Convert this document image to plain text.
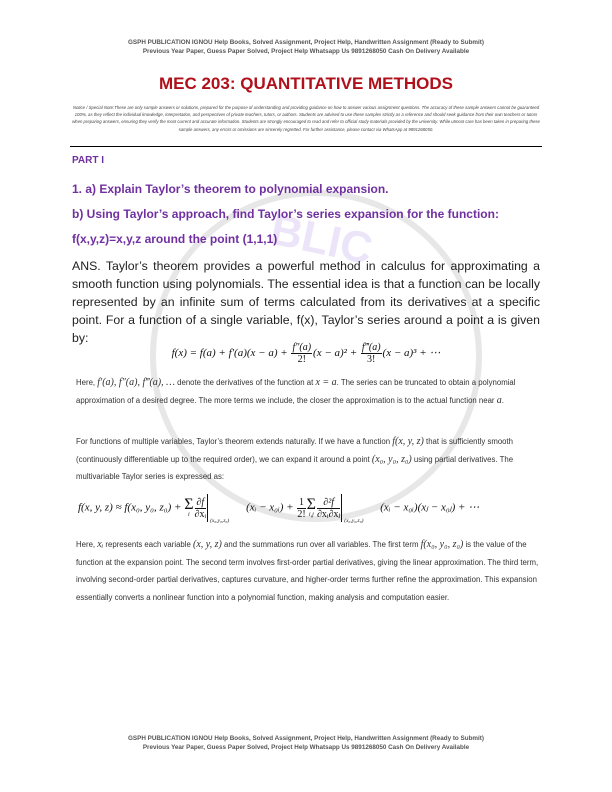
BLIC
GSPH PUBLICATION IGNOU Help Books, Solved Assignment, Project Help, Handwritten Assignment (Ready to Submit)
Previous Year Paper, Guess Paper Solved, Project Help Whatsapp Us 9891268050 Cash On Delivery Available
MEC 203: QUANTITATIVE METHODS
Notice / Special Note:These are only sample answers or solutions, prepared for the purpose of understanding and providing guidance on how to answer various assignment questions. The accuracy of these sample answers cannot be guaranteed 100%, as they reflect the individual knowledge, interpretation, and perspectives of private teachers, tutors, or authors. Students are advised to use these samples strictly as a reference and should seek guidance from their own teachers or tutors when preparing answers, ensuring they verify the most current and accurate information. Students are strongly encouraged to read and refer to official study materials provided by the university. While utmost care has been taken in preparing these sample answers, any errors or omissions are sincerely regretted. For further assistance, please contact via WhatsApp at 9891268050.
PART I
1. a) Explain Taylor’s theorem to polynomial expansion.
b) Using Taylor’s approach, find Taylor’s series expansion for the function:
f(x,y,z)=x,y,z around the point (1,1,1)
ANS. Taylor’s theorem provides a powerful method in calculus for approximating a smooth function using polynomials. The essential idea is that a function can be locally represented by an infinite sum of terms calculated from its derivatives at a specific point. For a function of a single variable, f(x), Taylor’s series around a point a is given by:
$f(x) = f(a) + f'(a)(x - a) + \frac{f''(a)}{2!} (x - a)^2 + \frac{f‴(a)}{3!} (x - a)^3$ + ⋯
Here, f′(a), f″(a), f‴(a), … denote the derivatives of the function at x = a. The series can be truncated to obtain a polynomial approximation of a desired degree. The more terms we include, the closer the approximation is to the actual function near a.
For functions of multiple variables, Taylor’s theorem extends naturally. If we have a function f(x, y, z) that is sufficiently smooth (continuously differentiable up to the required order), we can expand it around a point (x₀, y₀, z₀) using partial derivatives. The multivariable Taylor series is expressed as:
f(x, y, z) ≈ f(x₀, y₀, z₀) + Σ
i $\frac{\partial f}{\text{∂xᵢ}}$
(x₀,y₀,z₀)
(xᵢ − x₀ᵢ) + $\frac{1}{2!}$ Σ
$i,j \frac{\text{∂²f}}{\text{∂xᵢ∂xⱼ}}$
(x₀,y₀,z₀)
(xᵢ − x₀ᵢ)(xⱼ − x₀ⱼ) + ⋯
Here, xᵢ represents each variable (x, y, z) and the summations run over all variables. The first term f(x₀, y₀, z₀) is the value of the function at the expansion point. The second term involves first-order partial derivatives, giving the linear approximation. The third term, involving second-order partial derivatives, captures curvature, and higher-order terms further refine the approximation. This expansion essentially converts a nonlinear function into a polynomial function, making analysis and computation easier.
GSPH PUBLICATION IGNOU Help Books, Solved Assignment, Project Help, Handwritten Assignment (Ready to Submit)
Previous Year Paper, Guess Paper Solved, Project Help Whatsapp Us 9891268050 Cash On Delivery Available
